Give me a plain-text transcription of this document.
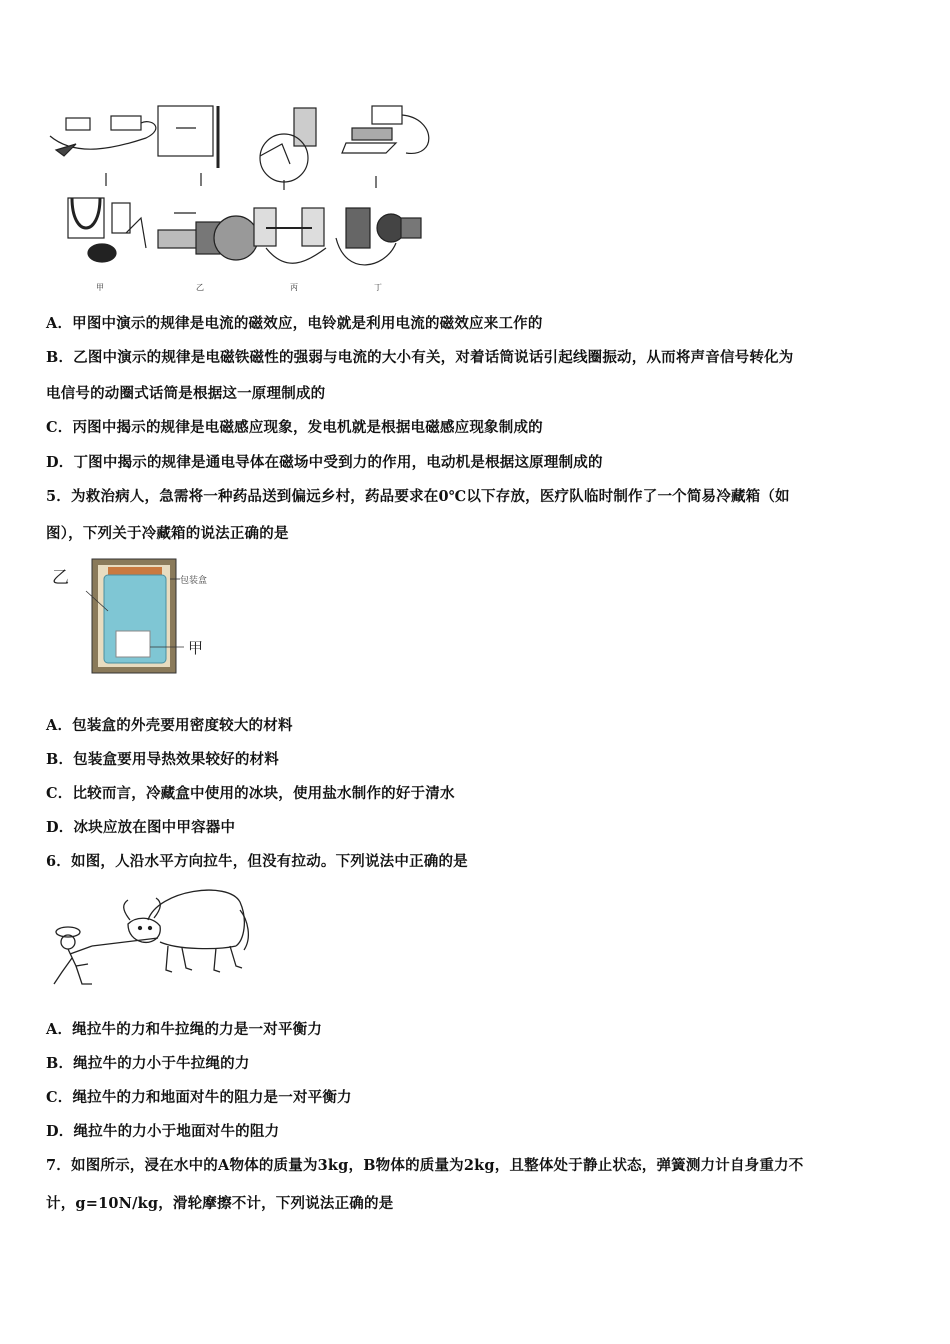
甲	乙	丙	丁
A．甲图中演示的规律是电流的磁效应，电铃就是利用电流的磁效应来工作的
B．乙图中演示的规律是电磁铁磁性的强弱与电流的大小有关，对着话筒说话引起线圈振动，从而将声音信号转化为
电信号的动圈式话筒是根据这一原理制成的
C．丙图中揭示的规律是电磁感应现象，发电机就是根据电磁感应现象制成的
D．丁图中揭示的规律是通电导体在磁场中受到力的作用，电动机是根据这原理制成的
5．为救治病人，急需将一种药品送到偏远乡村，药品要求在0℃以下存放，医疗队临时制作了一个简易冷藏箱（如
图），下列关于冷藏箱的说法正确的是
乙	包装盒
甲
A．包装盒的外壳要用密度较大的材料
B．包装盒要用导热效果较好的材料
C．比较而言，冷藏盒中使用的冰块，使用盐水制作的好于清水
D．冰块应放在图中甲容器中
6．如图，人沿水平方向拉牛，但没有拉动。下列说法中正确的是
A．绳拉牛的力和牛拉绳的力是一对平衡力
B．绳拉牛的力小于牛拉绳的力
C．绳拉牛的力和地面对牛的阻力是一对平衡力
D．绳拉牛的力小于地面对牛的阻力
7．如图所示，浸在水中的A物体的质量为3kg，B物体的质量为2kg，且整体处于静止状态，弹簧测力计自身重力不
计，g=10N/kg，滑轮摩擦不计，下列说法正确的是
